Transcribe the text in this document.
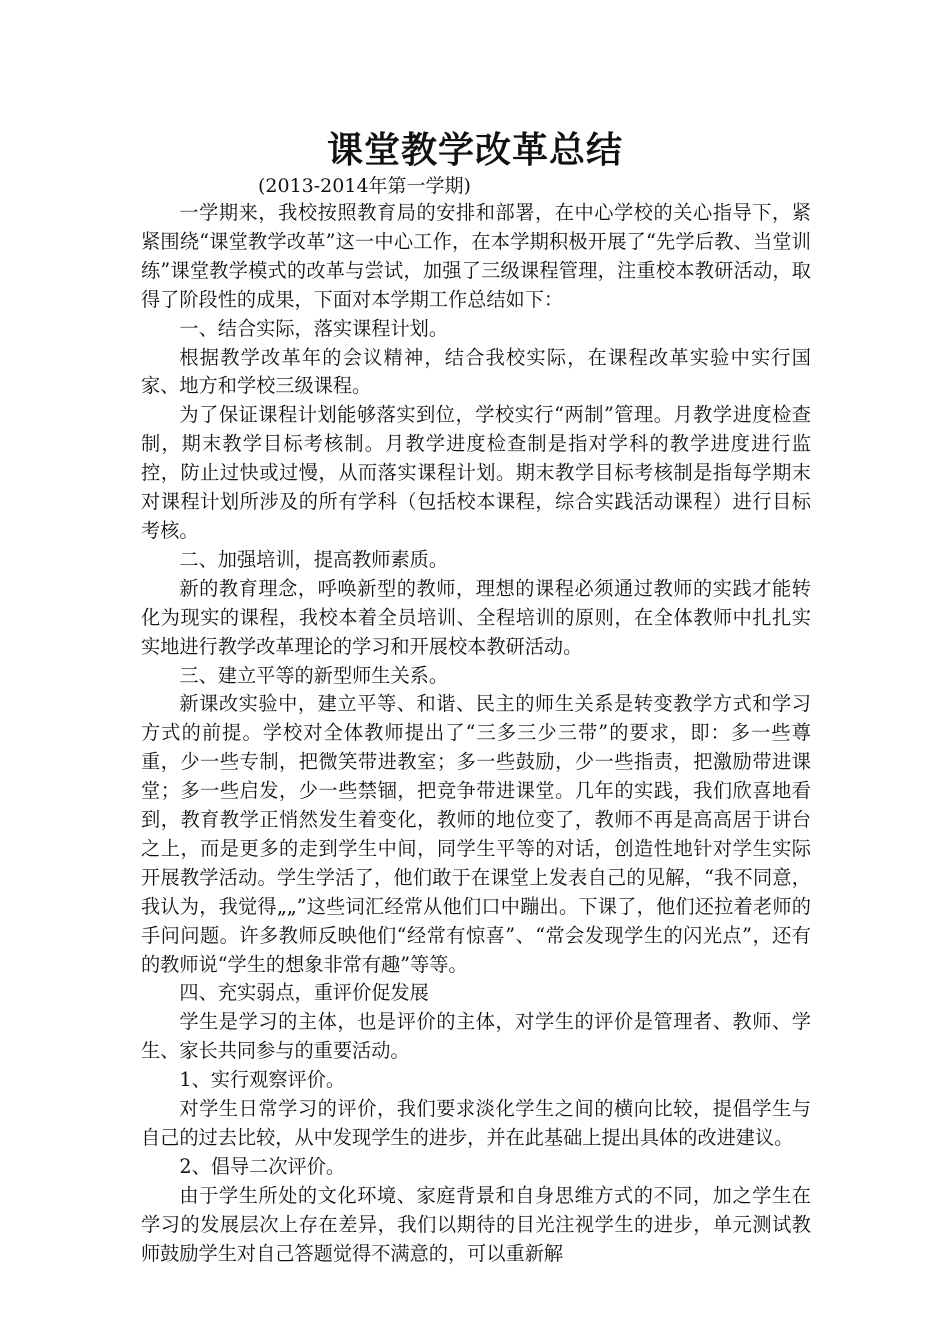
课堂教学改革总结
(2013-2014年第一学期)

一学期来，我校按照教育局的安排和部署，在中心学校的关心指导下，紧紧围绕“课堂教学改革”这一中心工作，在本学期积极开展了“先学后教、当堂训练”课堂教学模式的改革与尝试，加强了三级课程管理，注重校本教研活动，取得了阶段性的成果，下面对本学期工作总结如下：

一、结合实际，落实课程计划。

根据教学改革年的会议精神，结合我校实际，在课程改革实验中实行国家、地方和学校三级课程。

为了保证课程计划能够落实到位，学校实行“两制”管理。月教学进度检查制，期末教学目标考核制。月教学进度检查制是指对学科的教学进度进行监控，防止过快或过慢，从而落实课程计划。期末教学目标考核制是指每学期末对课程计划所涉及的所有学科（包括校本课程，综合实践活动课程）进行目标考核。

二、加强培训，提高教师素质。

新的教育理念，呼唤新型的教师，理想的课程必须通过教师的实践才能转化为现实的课程，我校本着全员培训、全程培训的原则，在全体教师中扎扎实实地进行教学改革理论的学习和开展校本教研活动。

三、建立平等的新型师生关系。

新课改实验中，建立平等、和谐、民主的师生关系是转变教学方式和学习方式的前提。学校对全体教师提出了“三多三少三带”的要求，即：多一些尊重，少一些专制，把微笑带进教室；多一些鼓励，少一些指责，把激励带进课堂；多一些启发，少一些禁锢，把竞争带进课堂。几年的实践，我们欣喜地看到，教育教学正悄然发生着变化，教师的地位变了，教师不再是高高居于讲台之上，而是更多的走到学生中间，同学生平等的对话，创造性地针对学生实际开展教学活动。学生学活了，他们敢于在课堂上发表自己的见解，“我不同意，我认为，我觉得„„”这些词汇经常从他们口中蹦出。下课了，他们还拉着老师的手问问题。许多教师反映他们“经常有惊喜”、“常会发现学生的闪光点”，还有的教师说“学生的想象非常有趣”等等。

四、充实弱点，重评价促发展

学生是学习的主体，也是评价的主体，对学生的评价是管理者、教师、学生、家长共同参与的重要活动。

1、实行观察评价。

对学生日常学习的评价，我们要求淡化学生之间的横向比较，提倡学生与自己的过去比较，从中发现学生的进步，并在此基础上提出具体的改进建议。

2、倡导二次评价。

由于学生所处的文化环境、家庭背景和自身思维方式的不同，加之学生在学习的发展层次上存在差异，我们以期待的目光注视学生的进步，单元测试教师鼓励学生对自己答题觉得不满意的，可以重新解
